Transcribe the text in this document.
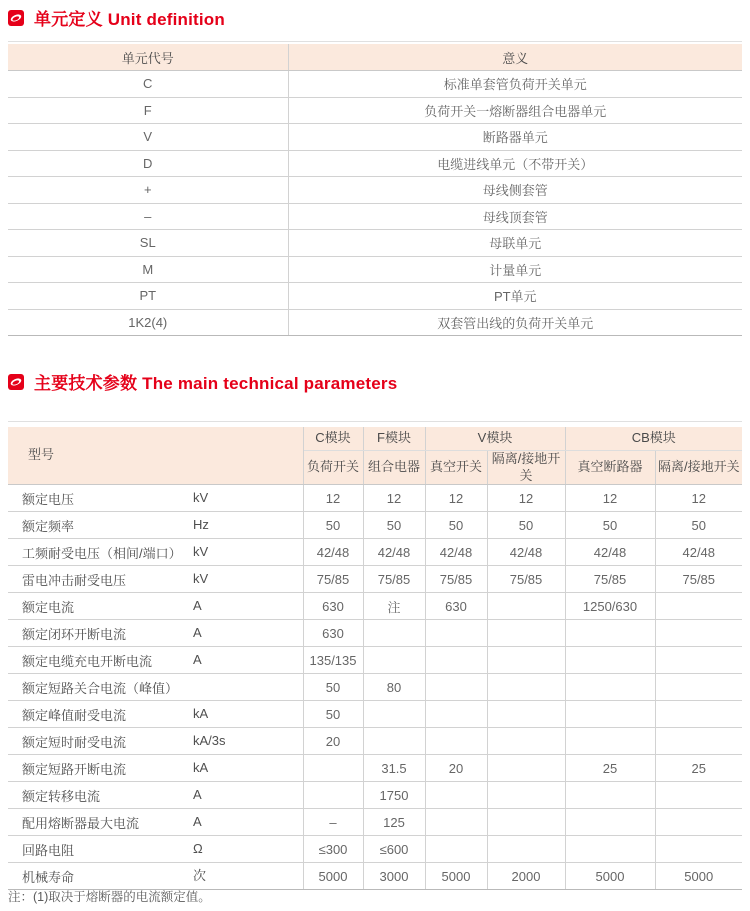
单元定义 Unit definition
单元代号	意义
C	标准单套管负荷开关单元
F	负荷开关一熔断器组合电器单元
V	断路器单元
D	电缆进线单元（不带开关）
+	母线侧套管
–	母线顶套管
SL	母联单元
M	计量单元
PT	PT单元
1K2(4)	双套管出线的负荷开关单元
主要技术参数 The main technical parameters
型号	C模块	F模块	V模块		CB模块	
	负荷开关	组合电器	真空开关	隔离/接地开关	真空断路器	隔离/接地开关
额定电压 kV	12	12	12	12	12	12
额定频率 Hz	50	50	50	50	50	50
工频耐受电压（相间/端口） kV	42/48	42/48	42/48	42/48	42/48	42/48
雷电冲击耐受电压 kV	75/85	75/85	75/85	75/85	75/85	75/85
额定电流 A	630	注	630		1250/630	
额定闭环开断电流 A	630					
额定电缆充电开断电流 A	135/135					
额定短路关合电流（峰值）	50	80				
额定峰值耐受电流 kA	50					
额定短时耐受电流 kA/3s	20					
额定短路开断电流 kA		31.5	20		25	25
额定转移电流 A		1750				
配用熔断器最大电流 A	–	125				
回路电阻 Ω	≤300	≤600				
机械寿命 次	5000	3000	5000	2000	5000	5000
注：(1)取决于熔断器的电流额定值。
